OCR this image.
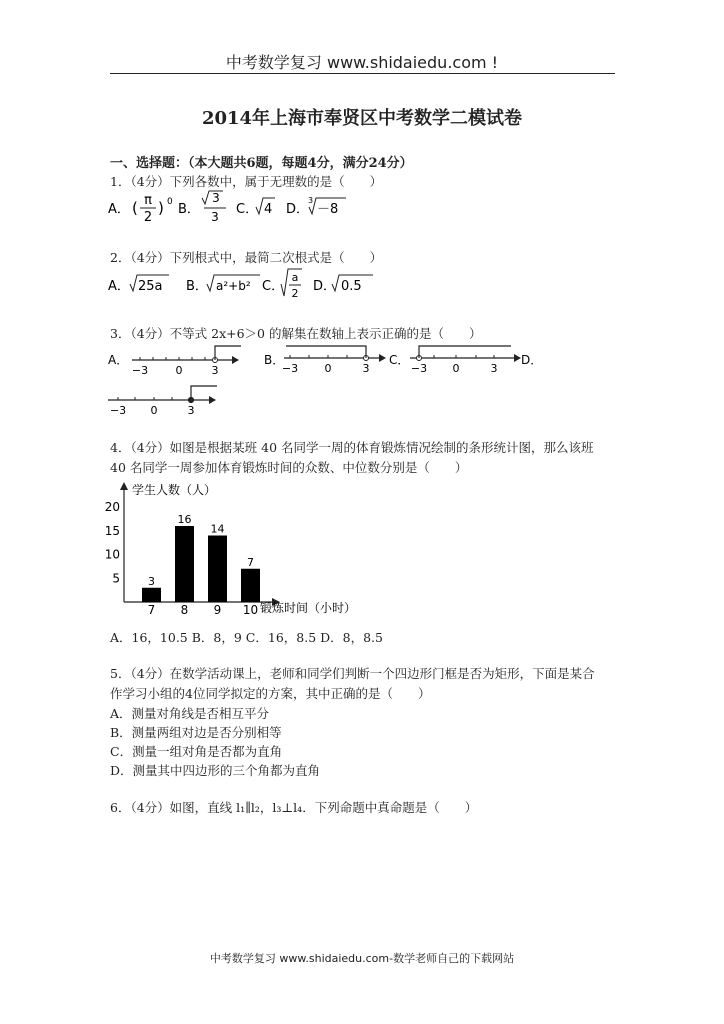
中考数学复习 www.shidaiedu.com !
2014年上海市奉贤区中考数学二模试卷
一、选择题：（本大题共6题，每题4分，满分24分）
1．（4分）下列各数中，属于无理数的是（　　）
A． ( π
2
) 0 B．
3
3 C． 4 D．
3
－8
2．（4分）下列根式中，最简二次根式是（　　）
A． 25a B． a²+b² C．
a
2 D． 0.5
3．（4分）不等式 2x+6＞0 的解集在数轴上表示正确的是（　　）
A．
−3 0	3
B．
−3 0	3
C．
−3 0	3
D．
−3 0	3
4．（4分）如图是根据某班 40 名同学一周的体育锻炼情况绘制的条形统计图，那么该班
40 名同学一周参加体育锻炼时间的众数、中位数分别是（　　）
学生人数（人）
锻炼时间（小时）
5
10
15
20
3
7
16
8
14
9
7
10
A．16，10.5 B．8，9 C．16，8.5 D．8，8.5
5．（4分）在数学活动课上，老师和同学们判断一个四边形门框是否为矩形，下面是某合
作学习小组的4位同学拟定的方案，其中正确的是（　　）
A．测量对角线是否相互平分
B．测量两组对边是否分别相等
C．测量一组对角是否都为直角
D．测量其中四边形的三个角都为直角
6．（4分）如图，直线 l₁∥l₂，l₃⊥l₄．下列命题中真命题是（　　）
中考数学复习 www.shidaiedu.com-数学老师自己的下载网站
